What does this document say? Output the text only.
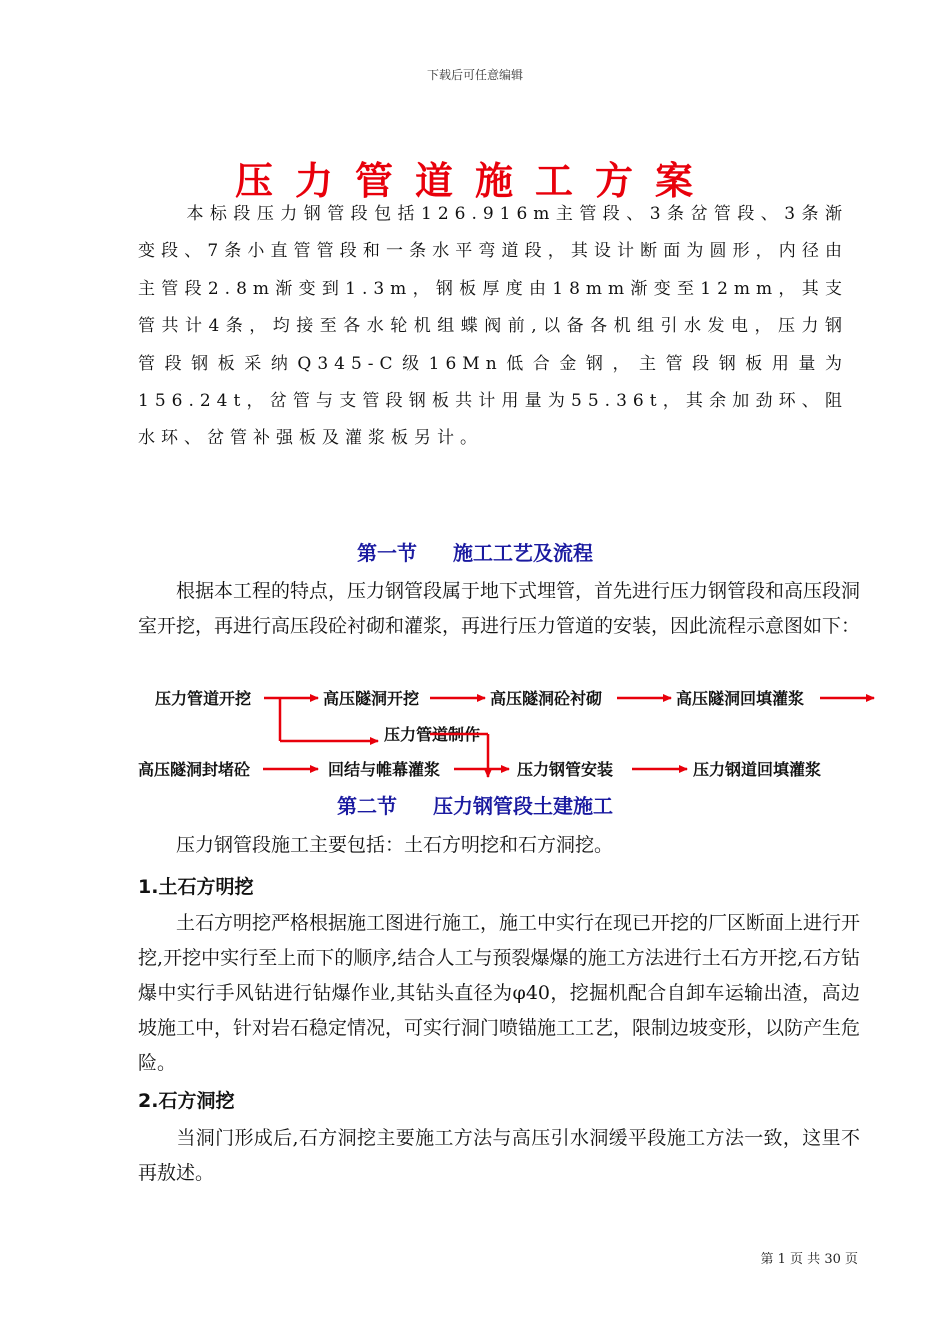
下载后可任意编辑
压力管道施工方案
本标段压力钢管段包括126.916m主管段、3条岔管段、3条渐变段、7条小直管管段和一条水平弯道段，其设计断面为圆形，内径由主管段2.8m渐变到1.3m，钢板厚度由18mm渐变至12mm，其支管共计4条，均接至各水轮机组蝶阀前,以备各机组引水发电，压力钢管段钢板采纳Q345-C级16Mn低合金钢，主管段钢板用量为156.24t，岔管与支管段钢板共计用量为55.36t，其余加劲环、阻水环、岔管补强板及灌浆板另计。
第一节 施工工艺及流程
根据本工程的特点，压力钢管段属于地下式埋管，首先进行压力钢管段和高压段洞室开挖，再进行高压段砼衬砌和灌浆，再进行压力管道的安装，因此流程示意图如下：
压力管道开挖	高压隧洞开挖	高压隧洞砼衬砌	高压隧洞回填灌浆
压力管道制作
高压隧洞封堵砼	回结与帷幕灌浆	压力钢管安装	压力钢道回填灌浆
第二节 压力钢管段土建施工
压力钢管段施工主要包括：土石方明挖和石方洞挖。
1.土石方明挖
土石方明挖严格根据施工图进行施工，施工中实行在现已开挖的厂区断面上进行开挖,开挖中实行至上而下的顺序,结合人工与预裂爆爆的施工方法进行土石方开挖,石方钻爆中实行手风钻进行钻爆作业,其钻头直径为φ40，挖掘机配合自卸车运输出渣，高边坡施工中，针对岩石稳定情况，可实行洞门喷锚施工工艺，限制边坡变形，以防产生危险。
2.石方洞挖
当洞门形成后,石方洞挖主要施工方法与高压引水洞缓平段施工方法一致，这里不再敖述。
第 1 页 共 30 页
